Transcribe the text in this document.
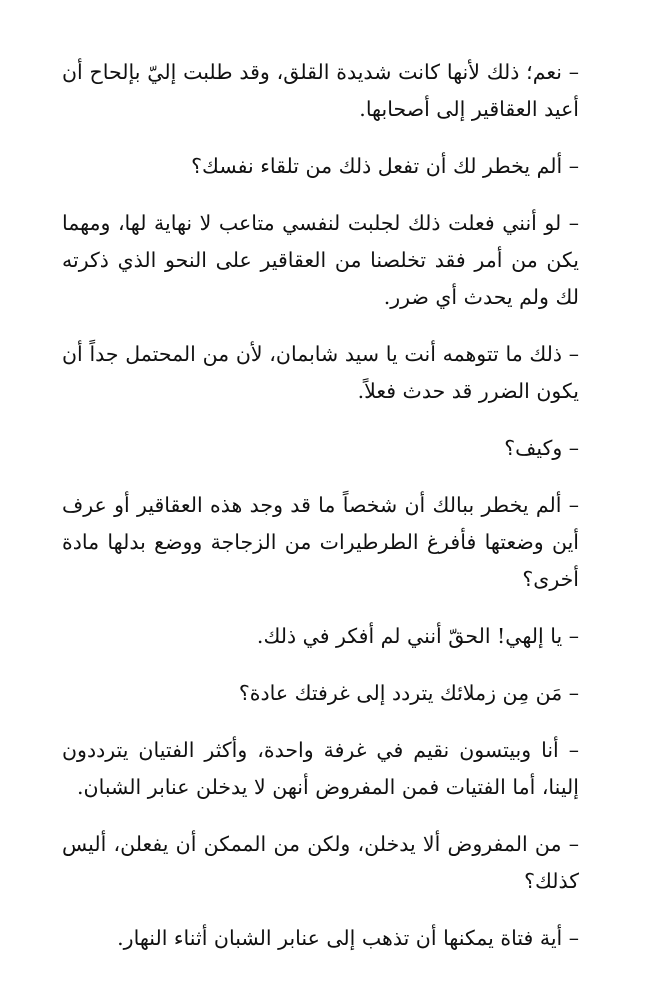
– نعم؛ ذلك لأنها كانت شديدة القلق، وقد طلبت إليّ بإلحاح أن أعيد العقاقير إلى أصحابها.

– ألم يخطر لك أن تفعل ذلك من تلقاء نفسك؟

– لو أنني فعلت ذلك لجلبت لنفسي متاعب لا نهاية لها، ومهما يكن من أمر فقد تخلصنا من العقاقير على النحو الذي ذكرته لك ولم يحدث أي ضرر.

– ذلك ما تتوهمه أنت يا سيد شابمان، لأن من المحتمل جداً أن يكون الضرر قد حدث فعلاً.

– وكيف؟

– ألم يخطر ببالك أن شخصاً ما قد وجد هذه العقاقير أو عرف أين وضعتها فأفرغ الطرطيرات من الزجاجة ووضع بدلها مادة أخرى؟

– يا إلهي! الحقّ أنني لم أفكر في ذلك.

– مَن مِن زملائك يتردد إلى غرفتك عادة؟

– أنا وبيتسون نقيم في غرفة واحدة، وأكثر الفتيان يترددون إلينا، أما الفتيات فمن المفروض أنهن لا يدخلن عنابر الشبان.

– من المفروض ألا يدخلن، ولكن من الممكن أن يفعلن، أليس كذلك؟

– أية فتاة يمكنها أن تذهب إلى عنابر الشبان أثناء النهار.
